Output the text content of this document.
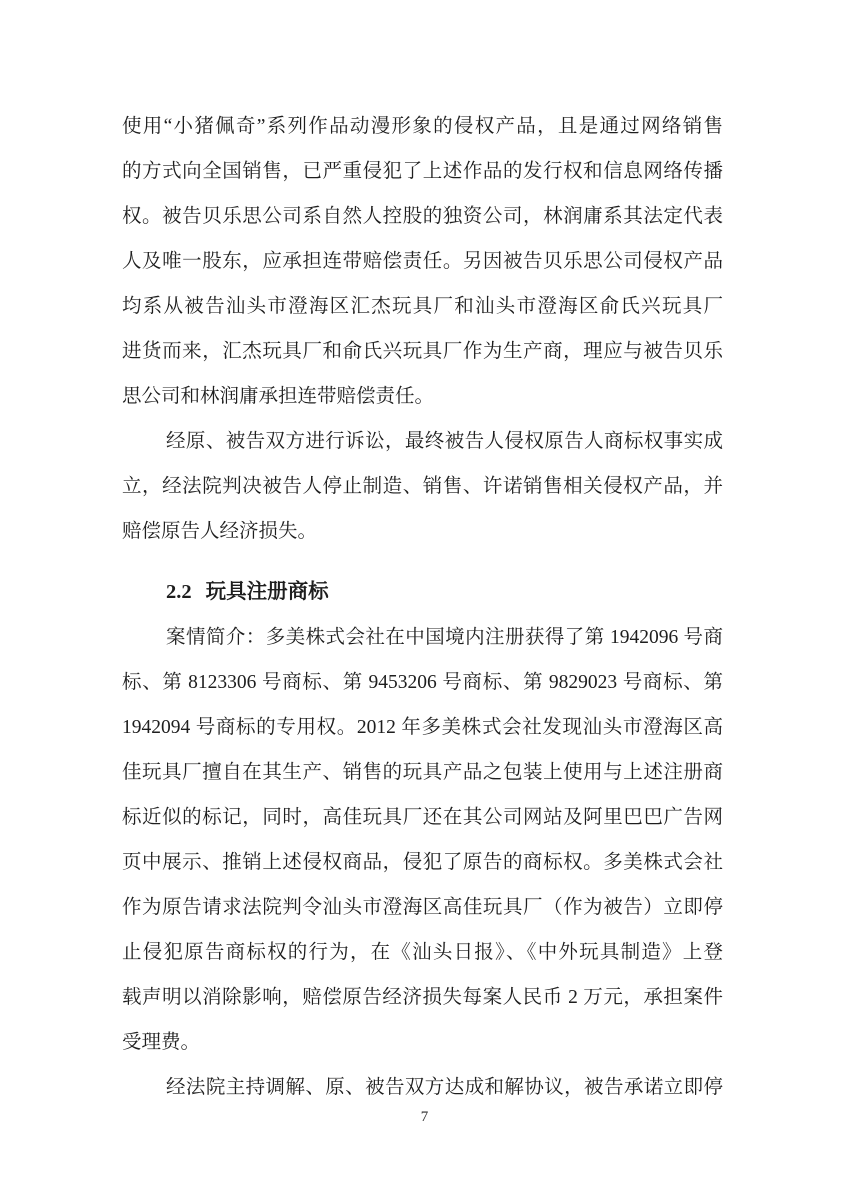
使用“小猪佩奇”系列作品动漫形象的侵权产品，且是通过网络销售
的方式向全国销售，已严重侵犯了上述作品的发行权和信息网络传播
权。被告贝乐思公司系自然人控股的独资公司，林润庸系其法定代表
人及唯一股东，应承担连带赔偿责任。另因被告贝乐思公司侵权产品
均系从被告汕头市澄海区汇杰玩具厂和汕头市澄海区俞氏兴玩具厂
进货而来，汇杰玩具厂和俞氏兴玩具厂作为生产商，理应与被告贝乐
思公司和林润庸承担连带赔偿责任。
经原、被告双方进行诉讼，最终被告人侵权原告人商标权事实成
立，经法院判决被告人停止制造、销售、许诺销售相关侵权产品，并
赔偿原告人经济损失。
2.2 玩具注册商标
案情简介：多美株式会社在中国境内注册获得了第 1942096 号商
标、第 8123306 号商标、第 9453206 号商标、第 9829023 号商标、第
1942094 号商标的专用权。2012 年多美株式会社发现汕头市澄海区高
佳玩具厂擅自在其生产、销售的玩具产品之包装上使用与上述注册商
标近似的标记，同时，高佳玩具厂还在其公司网站及阿里巴巴广告网
页中展示、推销上述侵权商品，侵犯了原告的商标权。多美株式会社
作为原告请求法院判令汕头市澄海区高佳玩具厂（作为被告）立即停
止侵犯原告商标权的行为，在《汕头日报》、《中外玩具制造》上登
载声明以消除影响，赔偿原告经济损失每案人民币 2 万元，承担案件
受理费。
经法院主持调解、原、被告双方达成和解协议，被告承诺立即停
7
